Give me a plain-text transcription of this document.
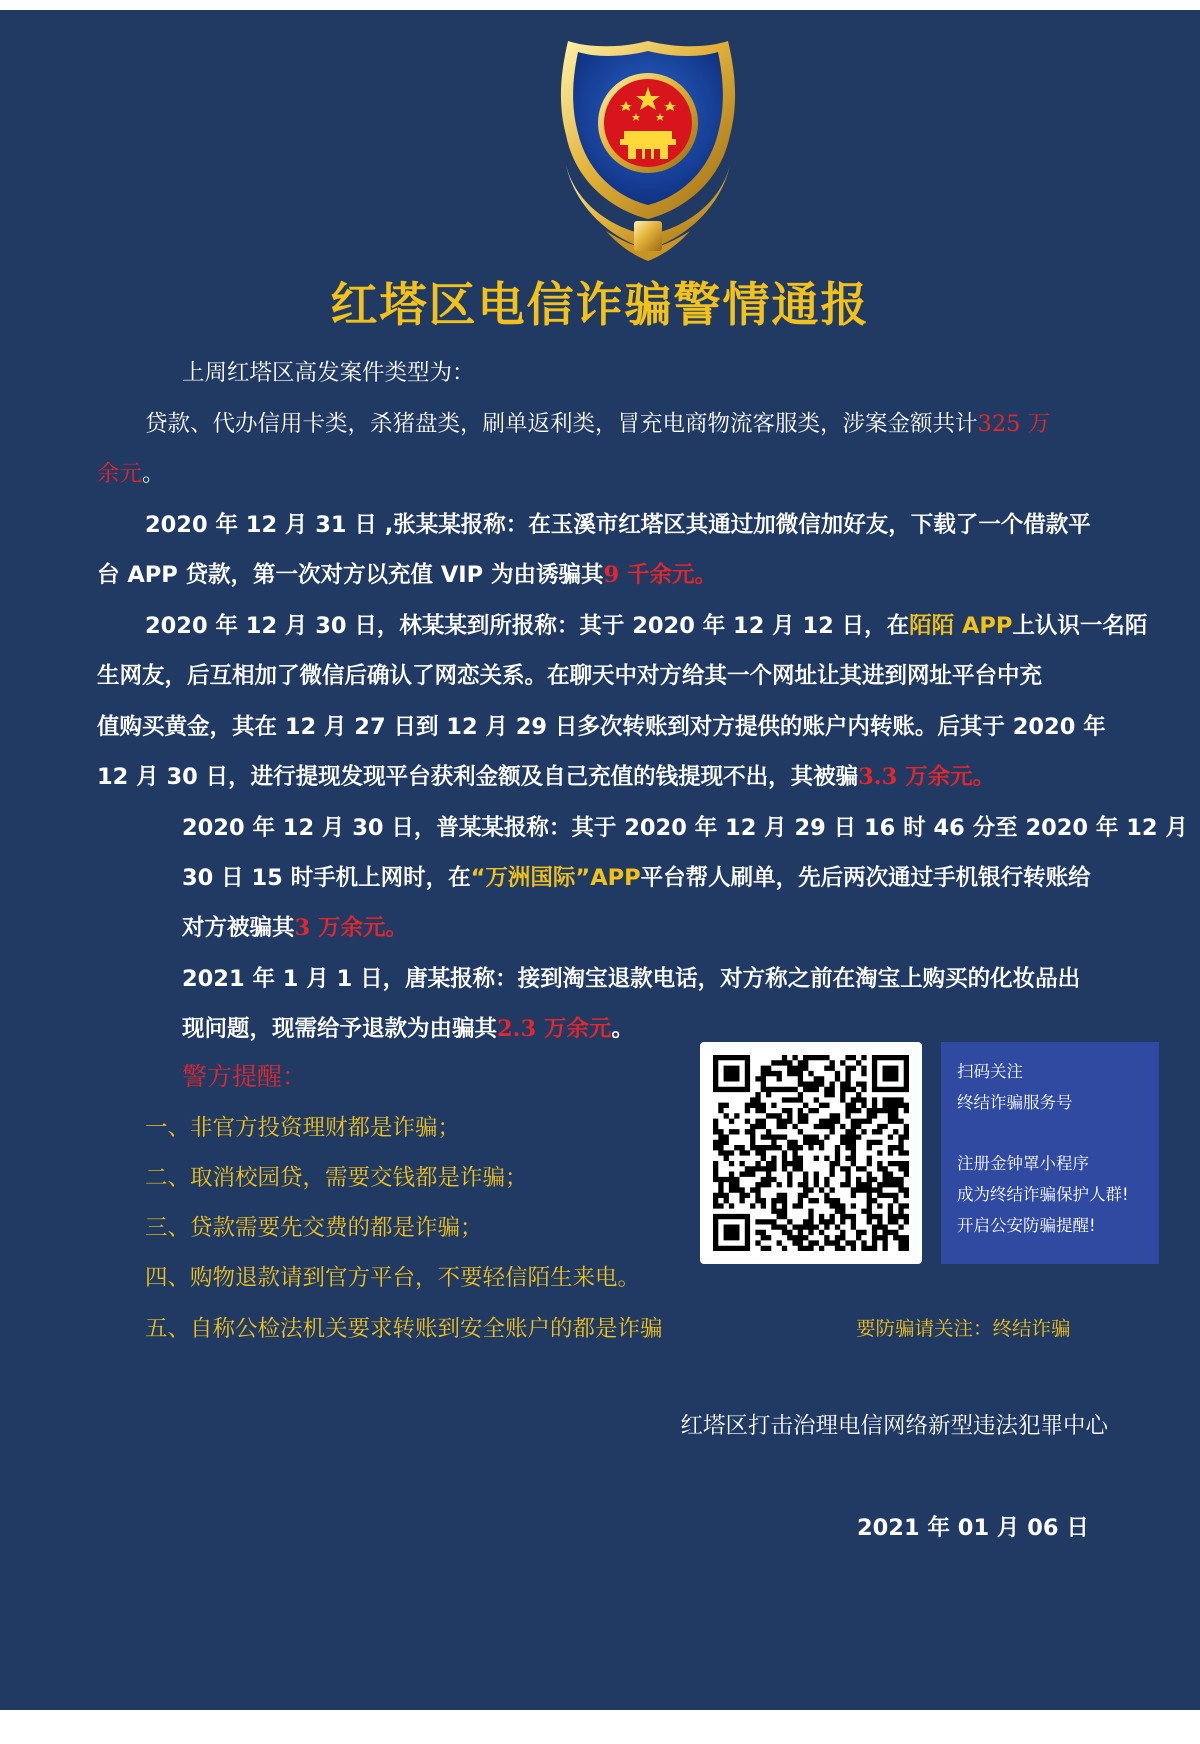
红塔区电信诈骗警情通报
上周红塔区高发案件类型为：
贷款、代办信用卡类，杀猪盘类，刷单返利类，冒充电商物流客服类，涉案金额共计325 万
余元。
2020 年 12 月 31 日 ,张某某报称：在玉溪市红塔区其通过加微信加好友，下载了一个借款平
台 APP 贷款，第一次对方以充值 VIP 为由诱骗其9 千余元。
2020 年 12 月 30 日，林某某到所报称：其于 2020 年 12 月 12 日，在陌陌 APP上认识一名陌
生网友，后互相加了微信后确认了网恋关系。在聊天中对方给其一个网址让其进到网址平台中充
值购买黄金，其在 12 月 27 日到 12 月 29 日多次转账到对方提供的账户内转账。后其于 2020 年
12 月 30 日，进行提现发现平台获利金额及自己充值的钱提现不出，其被骗3.3 万余元。
2020 年 12 月 30 日，普某某报称：其于 2020 年 12 月 29 日 16 时 46 分至 2020 年 12 月
30 日 15 时手机上网时，在“万洲国际”APP平台帮人刷单，先后两次通过手机银行转账给
对方被骗其3 万余元。
2021 年 1 月 1 日，唐某报称：接到淘宝退款电话，对方称之前在淘宝上购买的化妆品出
现问题，现需给予退款为由骗其2.3 万余元。
警方提醒：
一、非官方投资理财都是诈骗；
二、取消校园贷，需要交钱都是诈骗；
三、贷款需要先交费的都是诈骗；
四、购物退款请到官方平台，不要轻信陌生来电。
五、自称公检法机关要求转账到安全账户的都是诈骗
扫码关注
终结诈骗服务号
注册金钟罩小程序
成为终结诈骗保护人群!
开启公安防骗提醒!
要防骗请关注：终结诈骗
红塔区打击治理电信网络新型违法犯罪中心
2021 年 01 月 06 日
